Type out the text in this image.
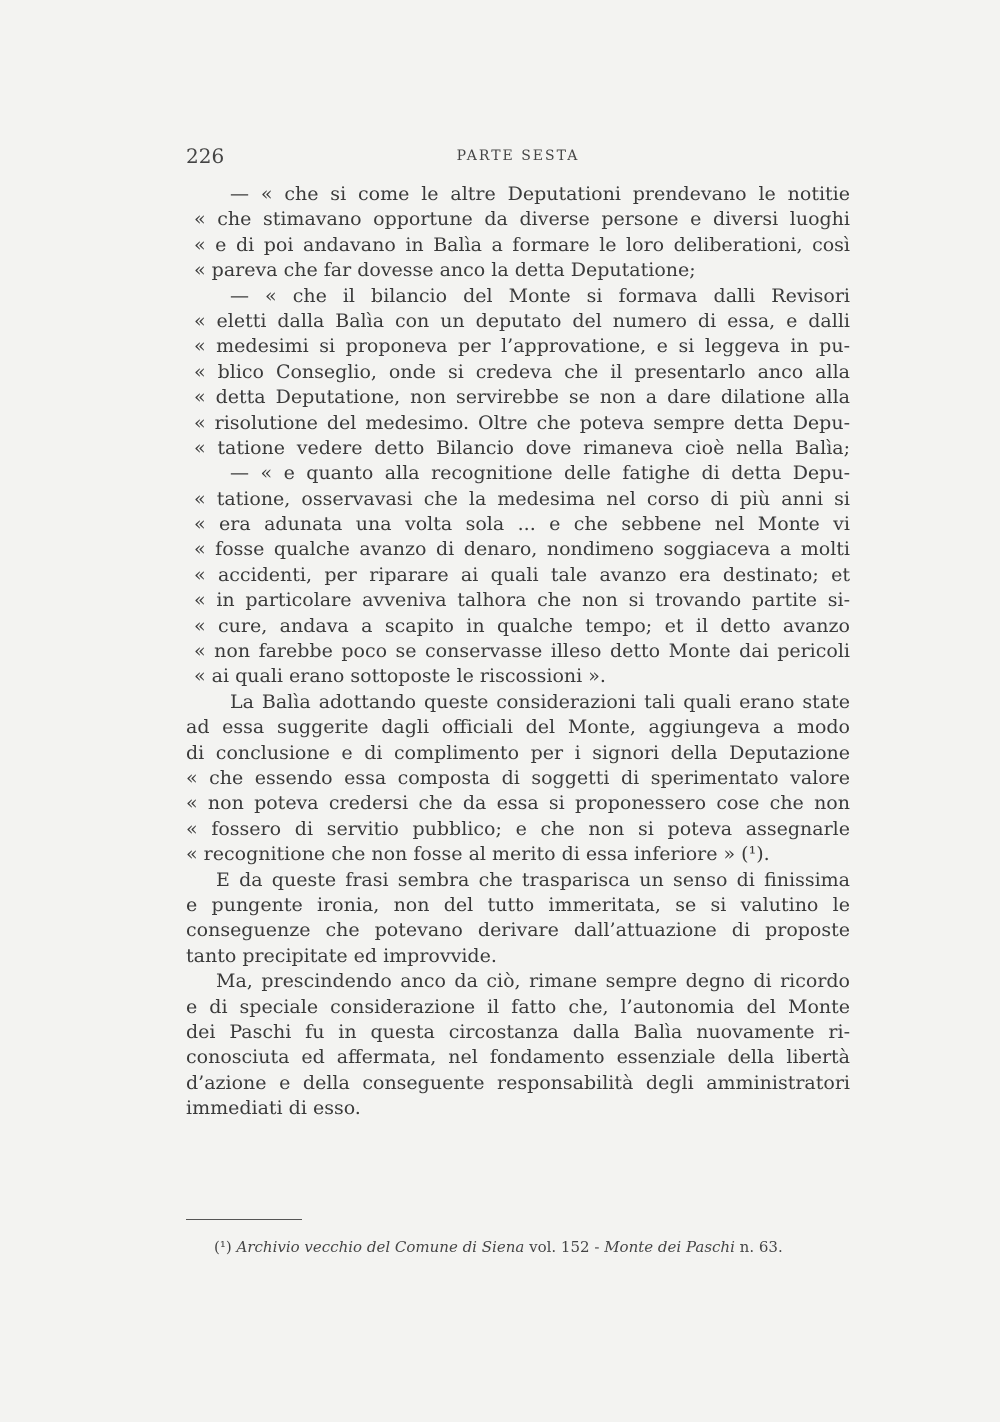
226	PARTE SESTA
— « che si come le altre Deputationi prendevano le notitie
« che stimavano opportune da diverse persone e diversi luoghi
« e di poi andavano in Balìa a formare le loro deliberationi, così
« pareva che far dovesse anco la detta Deputatione;
— « che il bilancio del Monte si formava dalli Revisori
« eletti dalla Balìa con un deputato del numero di essa, e dalli
« medesimi si proponeva per l’approvatione, e si leggeva in pu-
« blico Conseglio, onde si credeva che il presentarlo anco alla
« detta Deputatione, non servirebbe se non a dare dilatione alla
« risolutione del medesimo. Oltre che poteva sempre detta Depu-
« tatione vedere detto Bilancio dove rimaneva cioè nella Balìa;
— « e quanto alla recognitione delle fatighe di detta Depu-
« tatione, osservavasi che la medesima nel corso di più anni si
« era adunata una volta sola ... e che sebbene nel Monte vi
« fosse qualche avanzo di denaro, nondimeno soggiaceva a molti
« accidenti, per riparare ai quali tale avanzo era destinato; et
« in particolare avveniva talhora che non si trovando partite si-
« cure, andava a scapito in qualche tempo; et il detto avanzo
« non farebbe poco se conservasse illeso detto Monte dai pericoli
« ai quali erano sottoposte le riscossioni ».
La Balìa adottando queste considerazioni tali quali erano state
ad essa suggerite dagli officiali del Monte, aggiungeva a modo
di conclusione e di complimento per i signori della Deputazione
« che essendo essa composta di soggetti di sperimentato valore
« non poteva credersi che da essa si proponessero cose che non
« fossero di servitio pubblico; e che non si poteva assegnarle
« recognitione che non fosse al merito di essa inferiore » (¹).
E da queste frasi sembra che trasparisca un senso di finissima
e pungente ironia, non del tutto immeritata, se si valutino le
conseguenze che potevano derivare dall’attuazione di proposte
tanto precipitate ed improvvide.
Ma, prescindendo anco da ciò, rimane sempre degno di ricordo
e di speciale considerazione il fatto che, l’autonomia del Monte
dei Paschi fu in questa circostanza dalla Balìa nuovamente ri-
conosciuta ed affermata, nel fondamento essenziale della libertà
d’azione e della conseguente responsabilità degli amministratori
immediati di esso.
(¹) Archivio vecchio del Comune di Siena vol. 152 - Monte dei Paschi n. 63.
